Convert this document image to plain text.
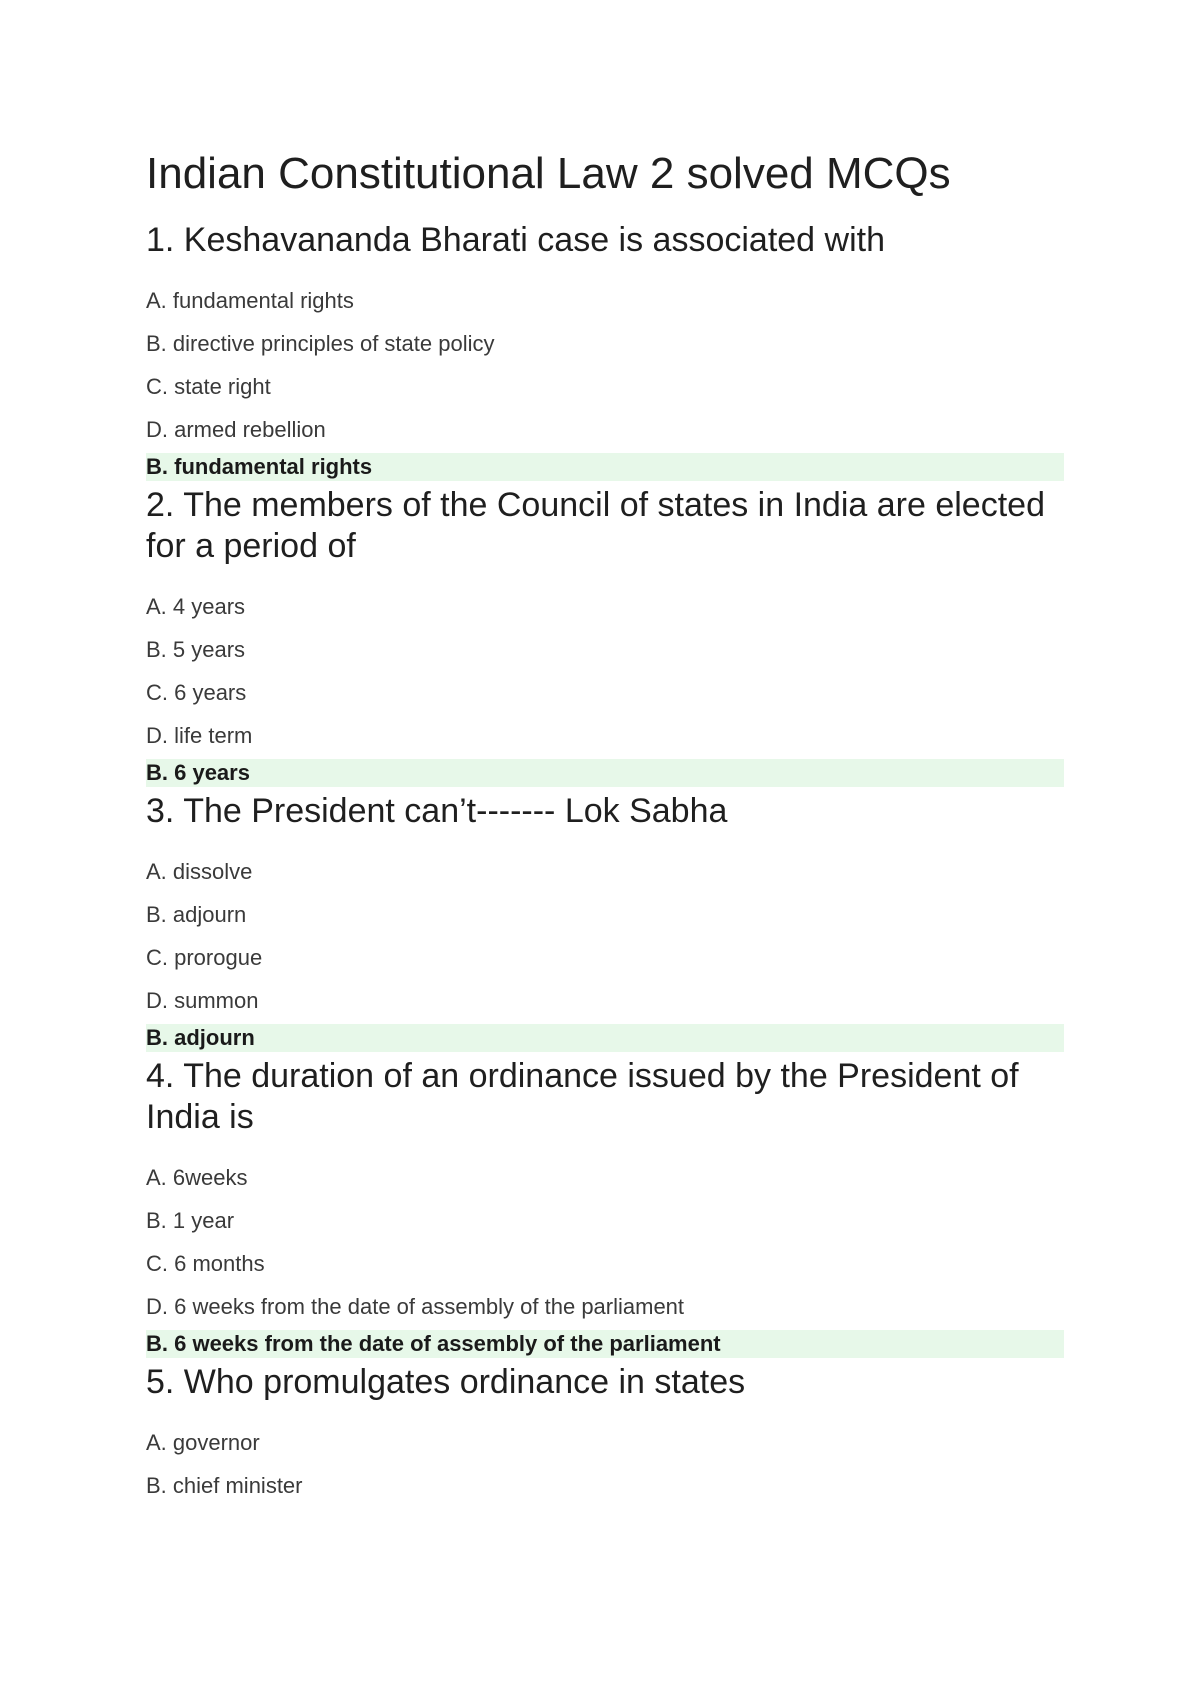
Indian Constitutional Law 2 solved MCQs
1. Keshavananda Bharati case is associated with

A. fundamental rights

B. directive principles of state policy

C. state right

D. armed rebellion

B. fundamental rights
2. The members of the Council of states in India are elected for a period of

A. 4 years

B. 5 years

C. 6 years

D. life term

B. 6 years
3. The President can’t------- Lok Sabha

A. dissolve

B. adjourn

C. prorogue

D. summon

B. adjourn
4. The duration of an ordinance issued by the President of India is

A. 6weeks

B. 1 year

C. 6 months

D. 6 weeks from the date of assembly of the parliament

B. 6 weeks from the date of assembly of the parliament
5. Who promulgates ordinance in states

A. governor

B. chief minister
